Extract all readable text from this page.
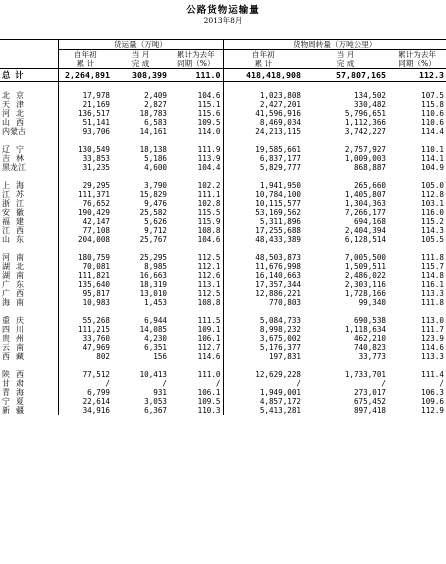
公路货物运输量
2013年8月
	货运量（万吨）			货物周转量（万吨公里）		
	自年初	当 月	累计为去年	自年初	当 月	累计为去年
	累 计	完 成	同期（%）	累 计	完 成	同期（%）
总 计	2,264,891	308,399	111.0	418,418,908	57,807,165	112.3

北京	17,978	2,409	104.6	1,023,808	134,502	107.5
天津	21,169	2,827	115.1	2,427,201	330,482	115.8
河北	136,517	18,783	115.6	41,596,916	5,796,651	110.6
山西	51,141	6,583	109.5	8,469,034	1,112,366	110.6
内蒙古	93,706	14,161	114.0	24,213,115	3,742,227	114.4

辽宁	130,549	18,138	111.9	19,585,661	2,757,927	110.1
吉林	33,853	5,186	113.9	6,837,177	1,009,003	114.1
黑龙江	31,235	4,600	104.4	5,829,777	868,887	104.9

上海	29,295	3,790	102.2	1,941,950	265,660	105.0
江苏	111,371	15,829	111.1	10,784,100	1,405,807	112.8
浙江	76,652	9,476	102.8	10,115,577	1,304,363	103.1
安徽	190,429	25,582	115.5	53,169,562	7,266,177	116.0
福建	42,147	5,626	115.9	5,311,896	694,168	115.2
江西	77,108	9,712	108.8	17,255,688	2,404,394	114.3
山东	204,008	25,767	104.6	48,433,389	6,128,514	105.5

河南	180,759	25,295	112.5	48,503,873	7,005,500	111.8
湖北	70,081	8,985	112.1	11,676,998	1,509,511	115.7
湖南	111,821	16,663	112.6	16,140,663	2,486,022	114.8
广东	135,640	18,319	113.1	17,357,344	2,303,116	116.1
广西	95,817	13,010	112.5	12,886,221	1,728,166	113.3
海南	10,983	1,453	108.8	770,803	99,340	111.8

重庆	55,268	6,944	111.5	5,084,733	690,538	113.0
四川	111,215	14,085	109.1	8,998,232	1,118,634	111.7
贵州	33,760	4,230	106.1	3,675,002	462,210	123.9
云南	47,969	6,351	112.7	5,176,377	740,823	114.6
西藏	802	156	114.6	197,831	33,773	113.3

陕西	77,512	10,413	111.0	12,629,228	1,733,701	111.4
甘肃	/	/	/	/	/	/
青海	6,799	931	106.1	1,949,001	273,017	106.3
宁夏	22,614	3,053	109.5	4,857,172	675,452	109.6
新疆	34,916	6,367	110.3	5,413,281	897,418	112.9
